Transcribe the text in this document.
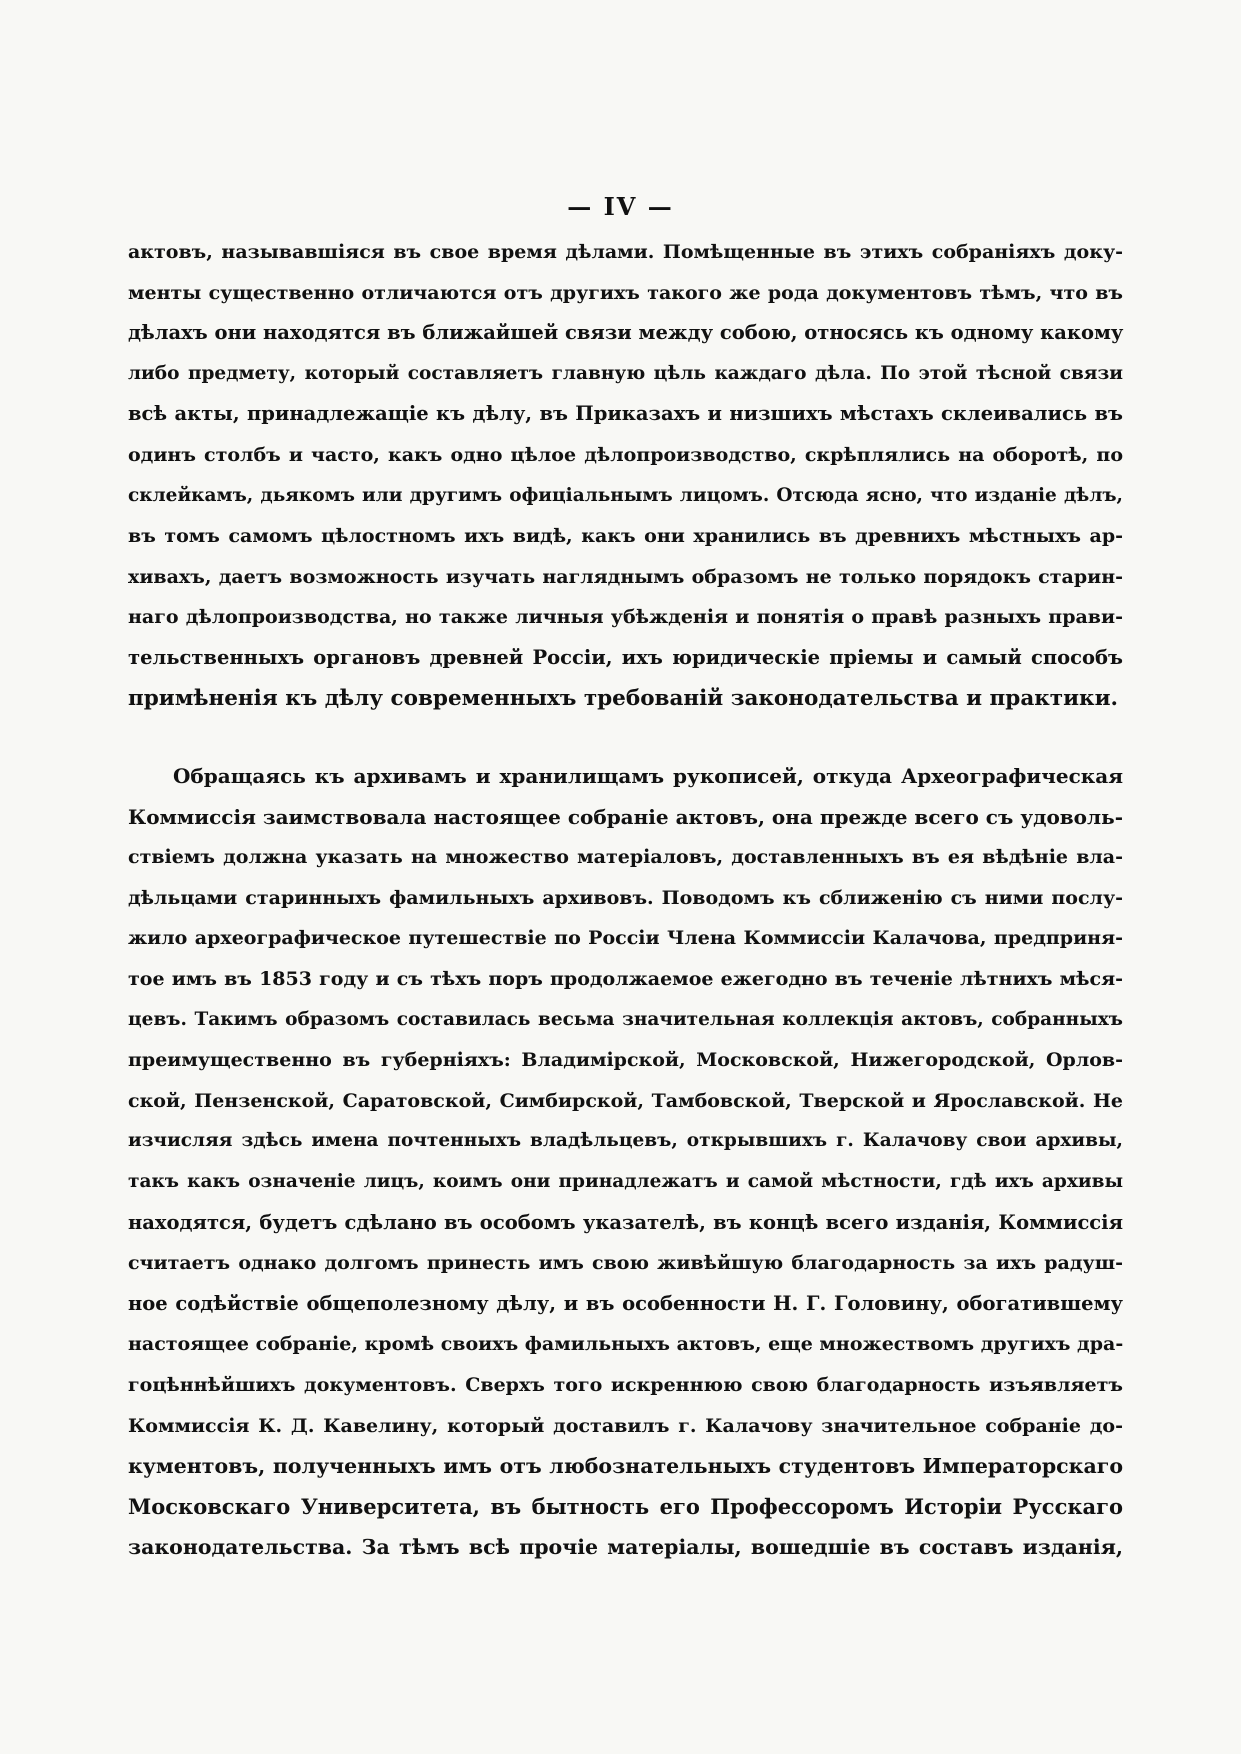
— IV —
актовъ, называвшіяся въ свое время дѣлами. Помѣщенные въ этихъ собраніяхъ доку-
менты существенно отличаются отъ другихъ такого же рода документовъ тѣмъ, что въ
дѣлахъ они находятся въ ближайшей связи между собою, относясь къ одному какому
либо предмету, который составляетъ главную цѣль каждаго дѣла. По этой тѣсной связи
всѣ акты, принадлежащіе къ дѣлу, въ Приказахъ и низшихъ мѣстахъ склеивались въ
одинъ столбъ и часто, какъ одно цѣлое дѣлопроизводство, скрѣплялись на оборотѣ, по
склейкамъ, дьякомъ или другимъ офиціальнымъ лицомъ. Отсюда ясно, что изданіе дѣлъ,
въ томъ самомъ цѣлостномъ ихъ видѣ, какъ они хранились въ древнихъ мѣстныхъ ар-
хивахъ, даетъ возможность изучать нагляднымъ образомъ не только порядокъ старин-
наго дѣлопроизводства, но также личныя убѣжденія и понятія о правѣ разныхъ прави-
тельственныхъ органовъ древней Россіи, ихъ юридическіе пріемы и самый способъ
примѣненія къ дѣлу современныхъ требованій законодательства и практики.
Обращаясь къ архивамъ и хранилищамъ рукописей, откуда Археографическая
Коммиссія заимствовала настоящее собраніе актовъ, она прежде всего съ удоволь-
ствіемъ должна указать на множество матеріаловъ, доставленныхъ въ ея вѣдѣніе вла-
дѣльцами старинныхъ фамильныхъ архивовъ. Поводомъ къ сближенію съ ними послу-
жило археографическое путешествіе по Россіи Члена Коммиссіи Калачова, предприня-
тое имъ въ 1853 году и съ тѣхъ поръ продолжаемое ежегодно въ теченіе лѣтнихъ мѣся-
цевъ. Такимъ образомъ составилась весьма значительная коллекція актовъ, собранныхъ
преимущественно въ губерніяхъ: Владимірской, Московской, Нижегородской, Орлов-
ской, Пензенской, Саратовской, Симбирской, Тамбовской, Тверской и Ярославской. Не
изчисляя здѣсь имена почтенныхъ владѣльцевъ, открывшихъ г. Калачову свои архивы,
такъ какъ означеніе лицъ, коимъ они принадлежатъ и самой мѣстности, гдѣ ихъ архивы
находятся, будетъ сдѣлано въ особомъ указателѣ, въ концѣ всего изданія, Коммиссія
считаетъ однако долгомъ принесть имъ свою живѣйшую благодарность за ихъ радуш-
ное содѣйствіе общеполезному дѣлу, и въ особенности Н. Г. Головину, обогатившему
настоящее собраніе, кромѣ своихъ фамильныхъ актовъ, еще множествомъ другихъ дра-
гоцѣннѣйшихъ документовъ. Сверхъ того искреннюю свою благодарность изъявляетъ
Коммиссія К. Д. Кавелину, который доставилъ г. Калачову значительное собраніе до-
кументовъ, полученныхъ имъ отъ любознательныхъ студентовъ Императорскаго
Московскаго Университета, въ бытность его Профессоромъ Исторіи Русскаго
законодательства. За тѣмъ всѣ прочіе матеріалы, вошедшіе въ составъ изданія,
